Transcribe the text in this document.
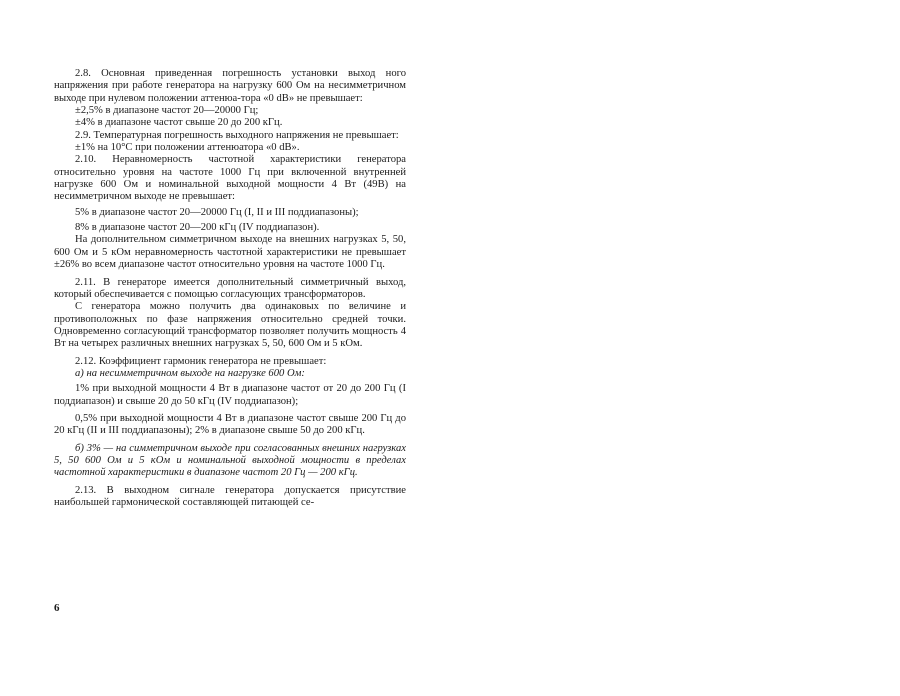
2.8. Основная приведенная погрешность установки выход ного напряжения при работе генератора на нагрузку 600 Ом на несимметричном выходе при нулевом положении аттенюа-тора «0 dB» не превышает:

±2,5% в диапазоне частот 20—20000 Гц;

±4% в диапазоне частот свыше 20 до 200 кГц.

2.9. Температурная погрешность выходного напряжения не превышает:

±1% на 10°С при положении аттенюатора «0 dB».

2.10. Неравномерность частотной характеристики генератора относительно уровня на частоте 1000 Гц при включенной внутренней нагрузке 600 Ом и номинальной выходной мощности 4 Вт (49В) на несимметричном выходе не превышает:

5% в диапазоне частот 20—20000 Гц (I, II и III поддиапазоны);

8% в диапазоне частот 20—200 кГц (IV поддиапазон).

На дополнительном симметричном выходе на внешних нагрузках 5, 50, 600 Ом и 5 кОм неравномерность частотной характеристики не превышает ±26% во всем диапазоне частот относительно уровня на частоте 1000 Гц.

2.11. В генераторе имеется дополнительный симметричный выход, который обеспечивается с помощью согласующих трансформаторов.

С генератора можно получить два одинаковых по величине и противоположных по фазе напряжения относительно средней точки. Одновременно согласующий трансформатор позволяет получить мощность 4 Вт на четырех различных внешних нагрузках 5, 50, 600 Ом и 5 кОм.

2.12. Коэффициент гармоник генератора не превышает:

а) на несимметричном выходе на нагрузке 600 Ом:

1% при выходной мощности 4 Вт в диапазоне частот от 20 до 200 Гц (I поддиапазон) и свыше 20 до 50 кГц (IV поддиапазон);

0,5% при выходной мощности 4 Вт в диапазоне частот свыше 200 Гц до 20 кГц (II и III поддиапазоны); 2% в диапазоне свыше 50 до 200 кГц.

б) 3% — на симметричном выходе при согласованных внешних нагрузках 5, 50 600 Ом и 5 кОм и номинальной выходной мощности в пределах частотной характеристики в диапазоне частот 20 Гц — 200 кГц.

2.13. В выходном сигнале генератора допускается присутствие наибольшей гармонической составляющей питающей се-

6
